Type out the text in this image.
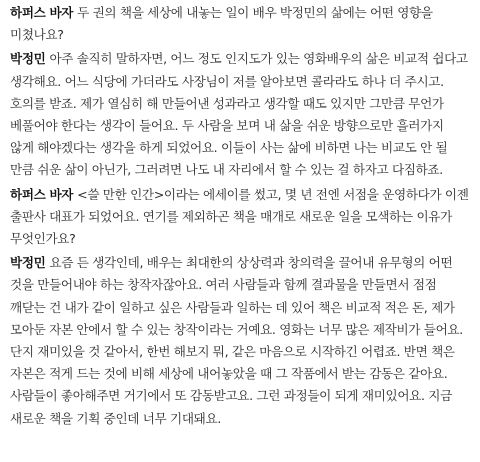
하퍼스 바자 두 권의 책을 세상에 내놓는 일이 배우 박정민의 삶에는 어떤 영향을 미쳤나요?

박정민 아주 솔직히 말하자면, 어느 정도 인지도가 있는 영화배우의 삶은 비교적 쉽다고 생각해요. 어느 식당에 가더라도 사장님이 저를 알아보면 콜라라도 하나 더 주시고. 호의를 받죠. 제가 열심히 해 만들어낸 성과라고 생각할 때도 있지만 그만큼 무언가 베풀어야 한다는 생각이 들어요. 두 사람을 보며 내 삶을 쉬운 방향으로만 흘러가지 않게 해야겠다는 생각을 하게 되었어요. 이들이 사는 삶에 비하면 나는 비교도 안 될 만큼 쉬운 삶이 아닌가, 그러려면 나도 내 자리에서 할 수 있는 걸 하자고 다짐하죠.

하퍼스 바자 <쓸 만한 인간>이라는 에세이를 썼고, 몇 년 전엔 서점을 운영하다가 이젠 출판사 대표가 되었어요. 연기를 제외하곤 책을 매개로 새로운 일을 모색하는 이유가 무엇인가요?

박정민 요즘 든 생각인데, 배우는 최대한의 상상력과 창의력을 끌어내 유무형의 어떤 것을 만들어내야 하는 창작자잖아요. 여러 사람들과 함께 결과물을 만들면서 점점 깨닫는 건 내가 같이 일하고 싶은 사람들과 일하는 데 있어 책은 비교적 적은 돈, 제가 모아둔 자본 안에서 할 수 있는 창작이라는 거예요. 영화는 너무 많은 제작비가 들어요. 단지 재미있을 것 같아서, 한번 해보지 뭐, 같은 마음으로 시작하긴 어렵죠. 반면 책은 자본은 적게 드는 것에 비해 세상에 내어놓았을 때 그 작품에서 받는 감동은 같아요. 사람들이 좋아해주면 거기에서 또 감동받고요. 그런 과정들이 되게 재미있어요. 지금 새로운 책을 기획 중인데 너무 기대돼요.
